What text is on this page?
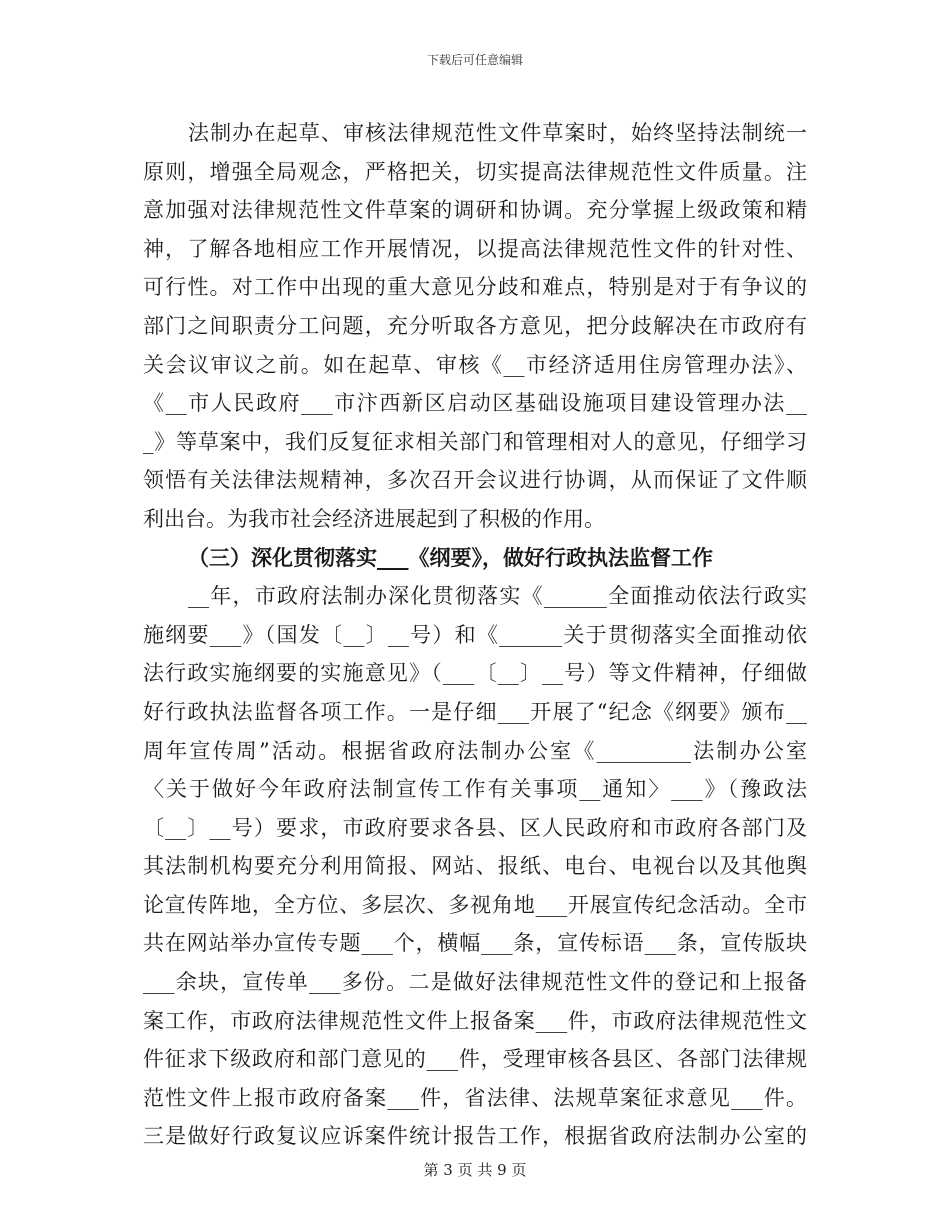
下载后可任意编辑
法制办在起草、审核法律规范性文件草案时，始终坚持法制统一
原则，增强全局观念，严格把关，切实提高法律规范性文件质量。注
意加强对法律规范性文件草案的调研和协调。充分掌握上级政策和精
神，了解各地相应工作开展情况，以提高法律规范性文件的针对性、
可行性。对工作中出现的重大意见分歧和难点，特别是对于有争议的
部门之间职责分工问题，充分听取各方意见，把分歧解决在市政府有
关会议审议之前。如在起草、审核《__市经济适用住房管理办法》、
《__市人民政府___市汴西新区启动区基础设施项目建设管理办法__
_》等草案中，我们反复征求相关部门和管理相对人的意见，仔细学习
领悟有关法律法规精神，多次召开会议进行协调，从而保证了文件顺
利出台。为我市社会经济进展起到了积极的作用。
（三）深化贯彻落实___《纲要》，做好行政执法监督工作
__年，市政府法制办深化贯彻落实《______全面推动依法行政实
施纲要___》（国发〔__〕__号）和《______关于贯彻落实全面推动依
法行政实施纲要的实施意见》（___〔__〕__号）等文件精神，仔细做
好行政执法监督各项工作。一是仔细___开展了“纪念《纲要》颁布__
周年宣传周”活动。根据省政府法制办公室《_________法制办公室
〈关于做好今年政府法制宣传工作有关事项__通知〉___》（豫政法
〔__〕__号）要求，市政府要求各县、区人民政府和市政府各部门及
其法制机构要充分利用简报、网站、报纸、电台、电视台以及其他舆
论宣传阵地，全方位、多层次、多视角地___开展宣传纪念活动。全市
共在网站举办宣传专题___个，横幅___条，宣传标语___条，宣传版块
___余块，宣传单___多份。二是做好法律规范性文件的登记和上报备
案工作，市政府法律规范性文件上报备案___件，市政府法律规范性文
件征求下级政府和部门意见的___件，受理审核各县区、各部门法律规
范性文件上报市政府备案___件，省法律、法规草案征求意见___件。
三是做好行政复议应诉案件统计报告工作，根据省政府法制办公室的
第 3 页 共 9 页
